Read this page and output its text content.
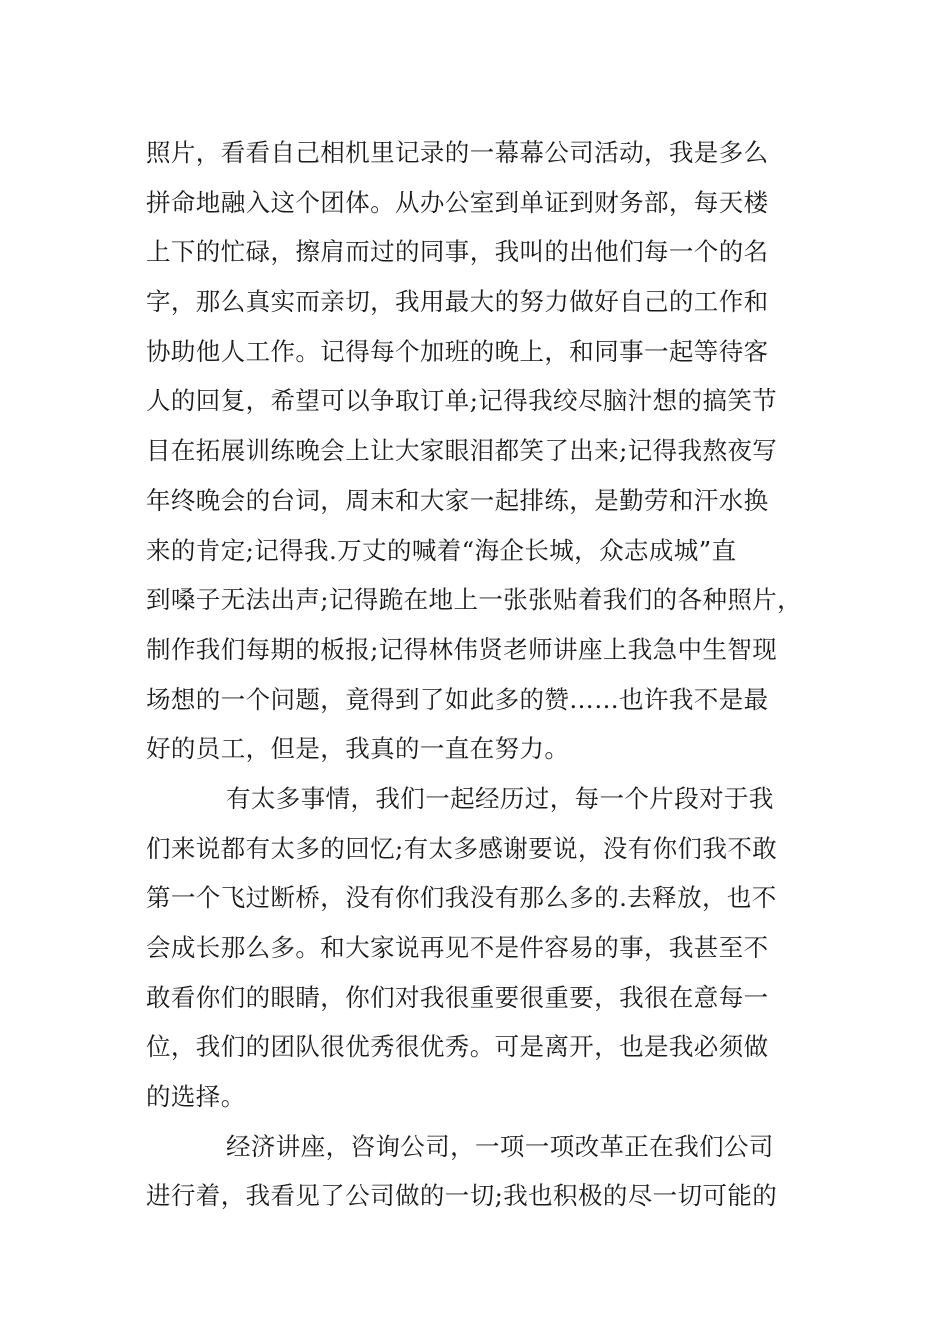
照片，看看自己相机里记录的一幕幕公司活动，我是多么
拼命地融入这个团体。从办公室到单证到财务部，每天楼
上下的忙碌，擦肩而过的同事，我叫的出他们每一个的名
字，那么真实而亲切，我用最大的努力做好自己的工作和
协助他人工作。记得每个加班的晚上，和同事一起等待客
人的回复，希望可以争取订单;记得我绞尽脑汁想的搞笑节
目在拓展训练晚会上让大家眼泪都笑了出来;记得我熬夜写
年终晚会的台词，周末和大家一起排练，是勤劳和汗水换
来的肯定;记得我.万丈的喊着“海企长城，众志成城”直
到嗓子无法出声;记得跪在地上一张张贴着我们的各种照片，
制作我们每期的板报;记得林伟贤老师讲座上我急中生智现
场想的一个问题，竟得到了如此多的赞……也许我不是最
好的员工，但是，我真的一直在努力。
有太多事情，我们一起经历过，每一个片段对于我
们来说都有太多的回忆;有太多感谢要说，没有你们我不敢
第一个飞过断桥，没有你们我没有那么多的.去释放，也不
会成长那么多。和大家说再见不是件容易的事，我甚至不
敢看你们的眼睛，你们对我很重要很重要，我很在意每一
位，我们的团队很优秀很优秀。可是离开，也是我必须做
的选择。
经济讲座，咨询公司，一项一项改革正在我们公司
进行着，我看见了公司做的一切;我也积极的尽一切可能的
